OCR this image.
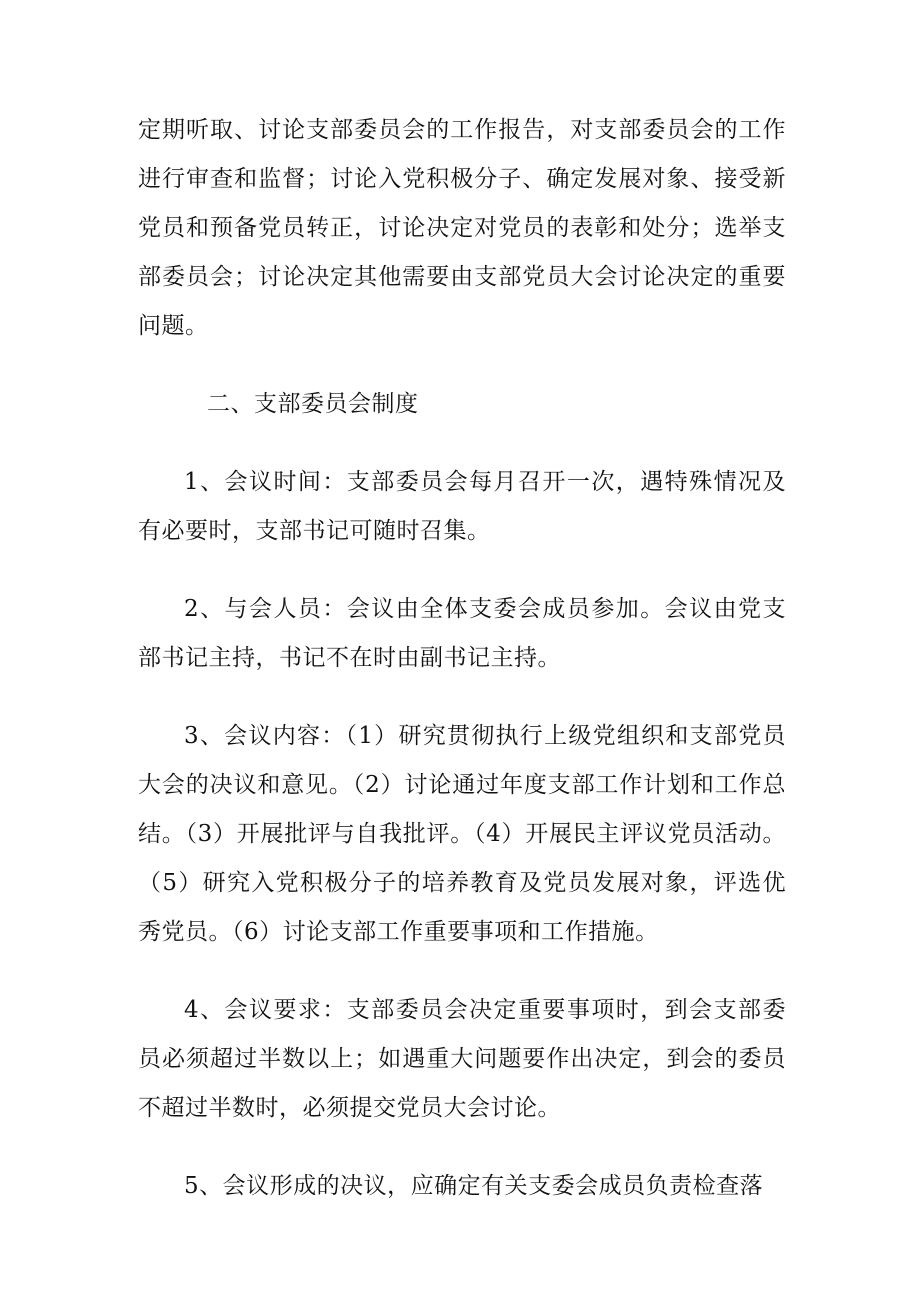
定期听取、讨论支部委员会的工作报告，对支部委员会的工作进行审查和监督；讨论入党积极分子、确定发展对象、接受新党员和预备党员转正，讨论决定对党员的表彰和处分；选举支部委员会；讨论决定其他需要由支部党员大会讨论决定的重要问题。

二、支部委员会制度

1、会议时间：支部委员会每月召开一次，遇特殊情况及有必要时，支部书记可随时召集。

2、与会人员：会议由全体支委会成员参加。会议由党支部书记主持，书记不在时由副书记主持。

3、会议内容：（1）研究贯彻执行上级党组织和支部党员大会的决议和意见。（2）讨论通过年度支部工作计划和工作总结。（3）开展批评与自我批评。（4）开展民主评议党员活动。（5）研究入党积极分子的培养教育及党员发展对象，评选优秀党员。（6）讨论支部工作重要事项和工作措施。

4、会议要求：支部委员会决定重要事项时，到会支部委员必须超过半数以上；如遇重大问题要作出决定，到会的委员不超过半数时，必须提交党员大会讨论。

5、会议形成的决议，应确定有关支委会成员负责检查落
